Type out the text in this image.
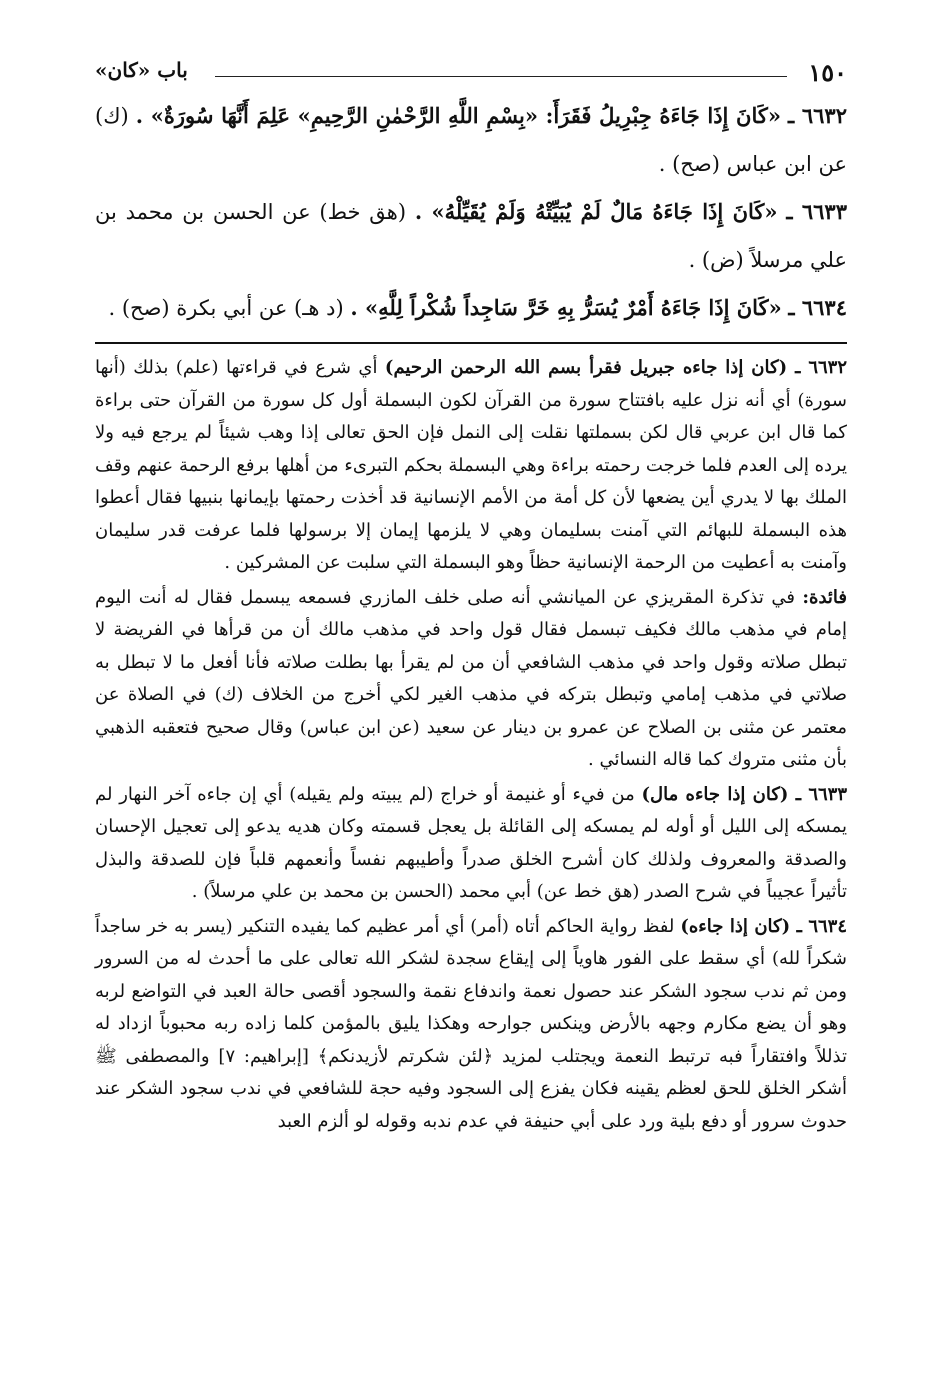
١٥٠
باب «كان»

٦٦٣٢ ـ «كَانَ إِذَا جَاءَهُ جِبْرِيلُ فَقَرَأَ: «بِسْمِ اللَّهِ الرَّحْمٰنِ الرَّحِيمِ» عَلِمَ أَنَّهَا سُورَةٌ» . (ك) عن ابن عباس (صح) .

٦٦٣٣ ـ «كَانَ إِذَا جَاءَهُ مَالٌ لَمْ يُبَيِّتْهُ وَلَمْ يُقَيِّلْهُ» . (هق خط) عن الحسن بن محمد بن علي مرسلاً (ض) .

٦٦٣٤ ـ «كَانَ إِذَا جَاءَهُ أَمْرٌ يُسَرُّ بِهِ خَرَّ سَاجِداً شُكْراً لِلَّهِ» . (د هـ) عن أبي بكرة (صح) .

٦٦٣٢ ـ (كان إذا جاءه جبريل فقرأ بسم الله الرحمن الرحيم) أي شرع في قراءتها (علم) بذلك (أنها سورة) أي أنه نزل عليه بافتتاح سورة من القرآن لكون البسملة أول كل سورة من القرآن حتى براءة كما قال ابن عربي قال لكن بسملتها نقلت إلى النمل فإن الحق تعالى إذا وهب شيئاً لم يرجع فيه ولا يرده إلى العدم فلما خرجت رحمته براءة وهي البسملة بحكم التبرىء من أهلها برفع الرحمة عنهم وقف الملك بها لا يدري أين يضعها لأن كل أمة من الأمم الإنسانية قد أخذت رحمتها بإيمانها بنبيها فقال أعطوا هذه البسملة للبهائم التي آمنت بسليمان وهي لا يلزمها إيمان إلا برسولها فلما عرفت قدر سليمان وآمنت به أعطيت من الرحمة الإنسانية حظاً وهو البسملة التي سلبت عن المشركين .

فائدة: في تذكرة المقريزي عن الميانشي أنه صلى خلف المازري فسمعه يبسمل فقال له أنت اليوم إمام في مذهب مالك فكيف تبسمل فقال قول واحد في مذهب مالك أن من قرأها في الفريضة لا تبطل صلاته وقول واحد في مذهب الشافعي أن من لم يقرأ بها بطلت صلاته فأنا أفعل ما لا تبطل به صلاتي في مذهب إمامي وتبطل بتركه في مذهب الغير لكي أخرج من الخلاف (ك) في الصلاة عن معتمر عن مثنى بن الصلاح عن عمرو بن دينار عن سعيد (عن ابن عباس) وقال صحيح فتعقبه الذهبي بأن مثنى متروك كما قاله النسائي .

٦٦٣٣ ـ (كان إذا جاءه مال) من فيء أو غنيمة أو خراج (لم يبيته ولم يقيله) أي إن جاءه آخر النهار لم يمسكه إلى الليل أو أوله لم يمسكه إلى القائلة بل يعجل قسمته وكان هديه يدعو إلى تعجيل الإحسان والصدقة والمعروف ولذلك كان أشرح الخلق صدراً وأطيبهم نفساً وأنعمهم قلباً فإن للصدقة والبذل تأثيراً عجيباً في شرح الصدر (هق خط عن) أبي محمد (الحسن بن محمد بن علي مرسلاً) .

٦٦٣٤ ـ (كان إذا جاءه) لفظ رواية الحاكم أتاه (أمر) أي أمر عظيم كما يفيده التنكير (يسر به خر ساجداً شكراً لله) أي سقط على الفور هاوياً إلى إيقاع سجدة لشكر الله تعالى على ما أحدث له من السرور ومن ثم ندب سجود الشكر عند حصول نعمة واندفاع نقمة والسجود أقصى حالة العبد في التواضع لربه وهو أن يضع مكارم وجهه بالأرض وينكس جوارحه وهكذا يليق بالمؤمن كلما زاده ربه محبوباً ازداد له تذللاً وافتقاراً فبه ترتبط النعمة ويجتلب لمزيد ﴿لئن شكرتم لأزيدنكم﴾ [إبراهيم: ٧] والمصطفى ﷺ أشكر الخلق للحق لعظم يقينه فكان يفزع إلى السجود وفيه حجة للشافعي في ندب سجود الشكر عند حدوث سرور أو دفع بلية ورد على أبي حنيفة في عدم ندبه وقوله لو ألزم العبد
